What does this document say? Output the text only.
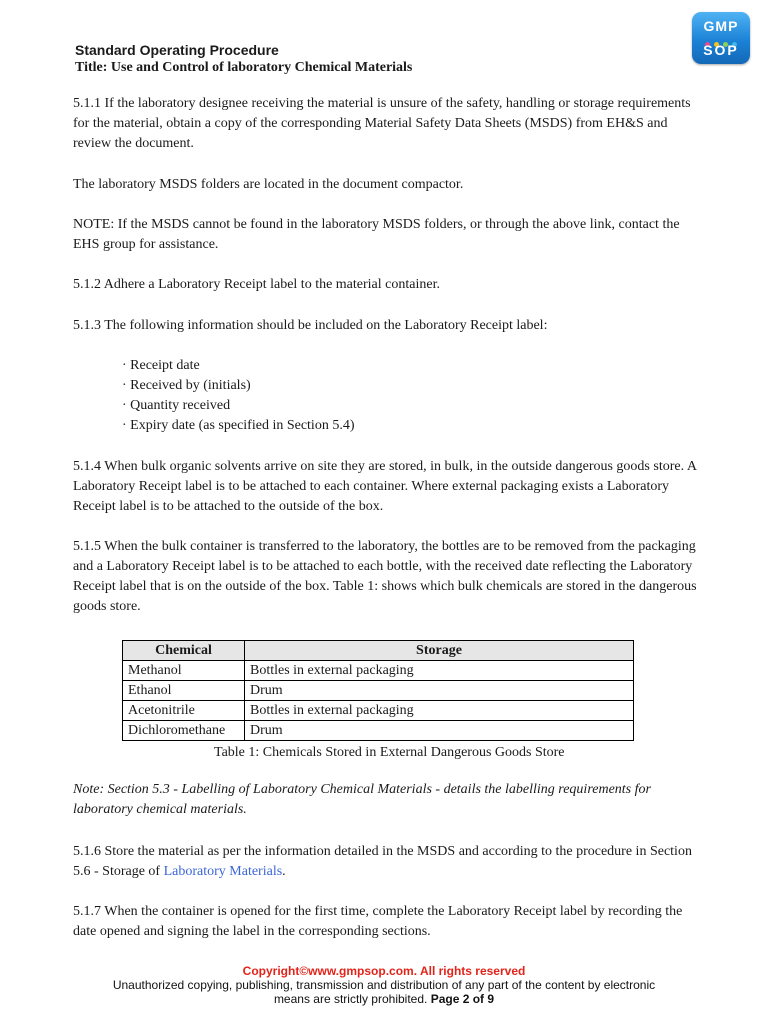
GMP
SOP
Standard Operating Procedure
Title: Use and Control of laboratory Chemical Materials
5.1.1 If the laboratory designee receiving the material is unsure of the safety, handling or storage requirements for the material, obtain a copy of the corresponding Material Safety Data Sheets (MSDS) from EH&S and review the document.
The laboratory MSDS folders are located in the document compactor.
NOTE: If the MSDS cannot be found in the laboratory MSDS folders, or through the above link, contact the EHS group for assistance.
5.1.2 Adhere a Laboratory Receipt label to the material container.
5.1.3 The following information should be included on the Laboratory Receipt label:
· Receipt date
· Received by (initials)
· Quantity received
· Expiry date (as specified in Section 5.4)
5.1.4 When bulk organic solvents arrive on site they are stored, in bulk, in the outside dangerous goods store. A Laboratory Receipt label is to be attached to each container. Where external packaging exists a Laboratory Receipt label is to be attached to the outside of the box.
5.1.5 When the bulk container is transferred to the laboratory, the bottles are to be removed from the packaging and a Laboratory Receipt label is to be attached to each bottle, with the received date reflecting the Laboratory Receipt label that is on the outside of the box. Table 1: shows which bulk chemicals are stored in the dangerous goods store.
Chemical	Storage
Methanol	Bottles in external packaging
Ethanol	Drum
Acetonitrile	Bottles in external packaging
Dichloromethane	Drum
Table 1: Chemicals Stored in External Dangerous Goods Store
Note: Section 5.3 - Labelling of Laboratory Chemical Materials - details the labelling requirements for laboratory chemical materials.
5.1.6 Store the material as per the information detailed in the MSDS and according to the procedure in Section 5.6 - Storage of Laboratory Materials.
5.1.7 When the container is opened for the first time, complete the Laboratory Receipt label by recording the date opened and signing the label in the corresponding sections.
Copyright©www.gmpsop.com. All rights reserved
Unauthorized copying, publishing, transmission and distribution of any part of the content by electronic
means are strictly prohibited. Page 2 of 9
